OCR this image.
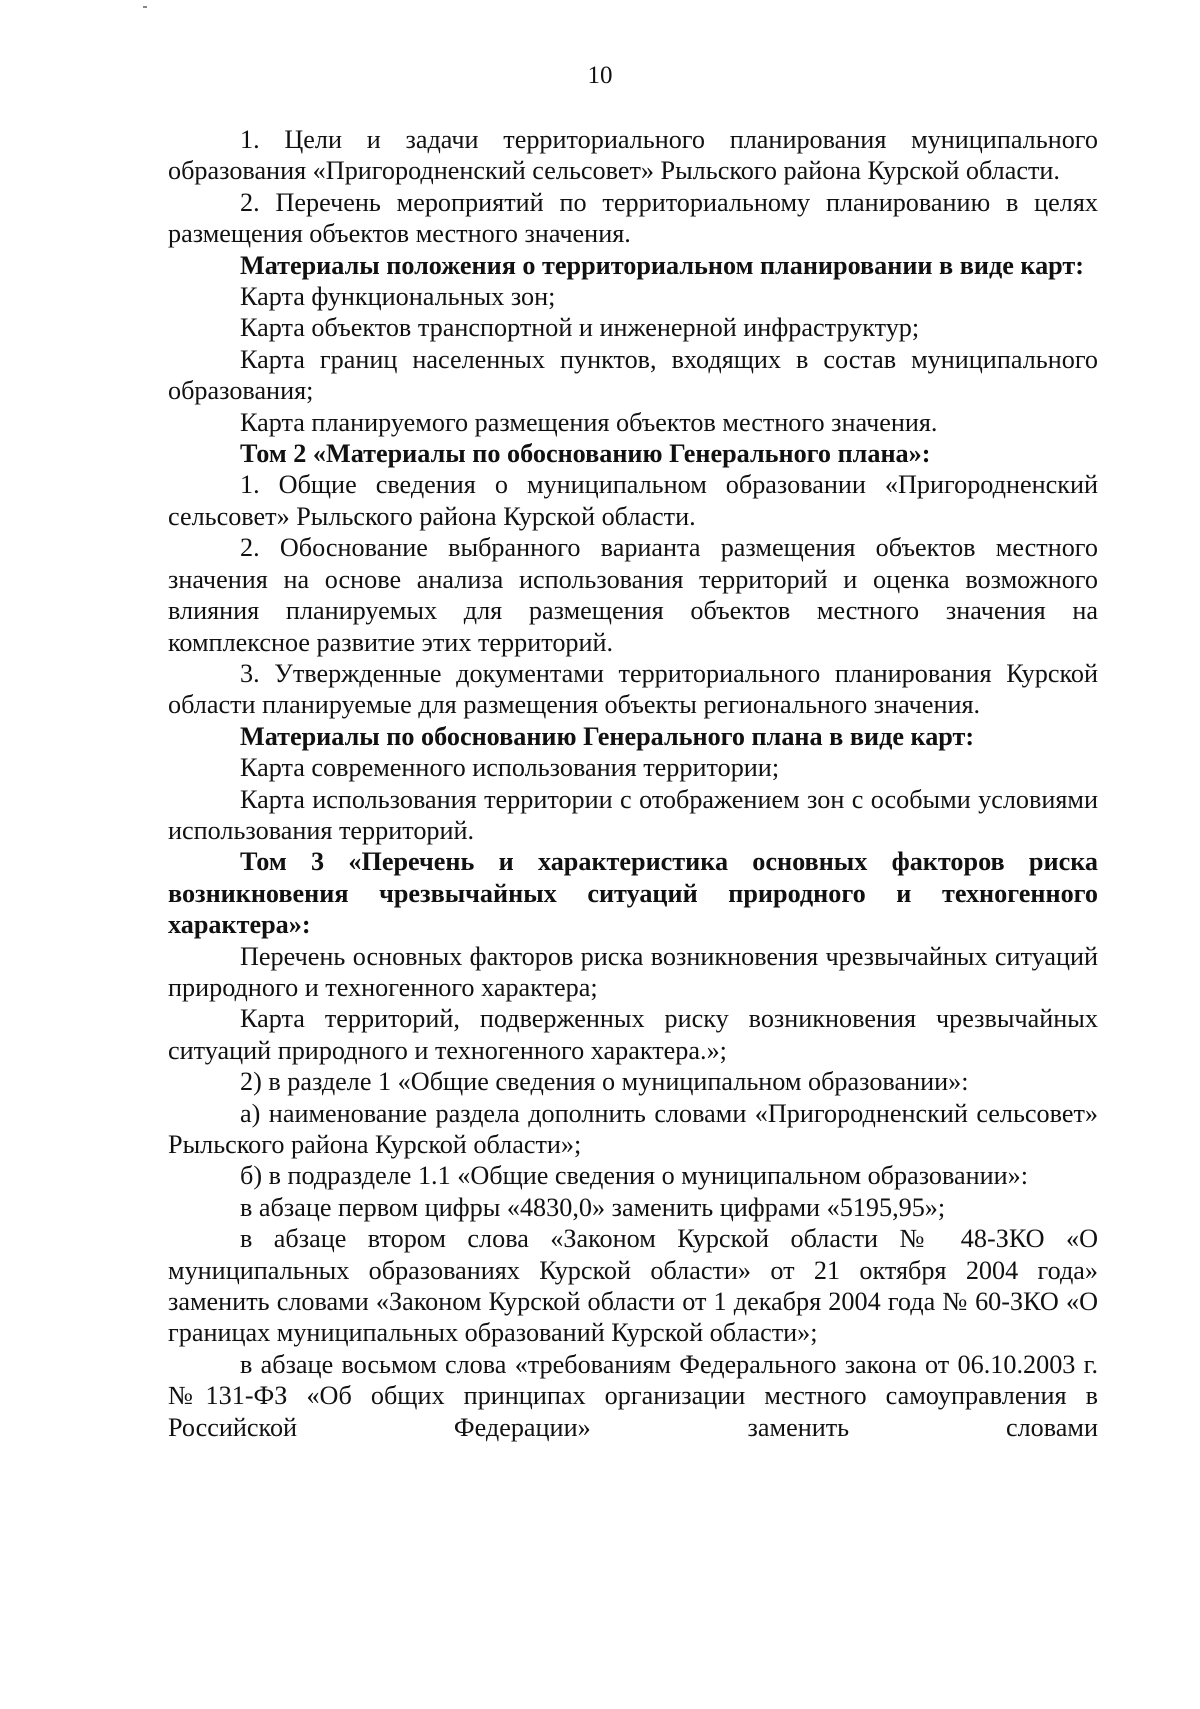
10

1. Цели и задачи территориального планирования муниципального образования «Пригородненский сельсовет» Рыльского района Курской области.

2. Перечень мероприятий по территориальному планированию в целях размещения объектов местного значения.

Материалы положения о территориальном планировании в виде карт:

Карта функциональных зон;

Карта объектов транспортной и инженерной инфраструктур;

Карта границ населенных пунктов, входящих в состав муниципального образования;

Карта планируемого размещения объектов местного значения.

Том 2 «Материалы по обоснованию Генерального плана»:

1. Общие сведения о муниципальном образовании «Пригородненский сельсовет» Рыльского района Курской области.

2. Обоснование выбранного варианта размещения объектов местного значения на основе анализа использования территорий и оценка возможного влияния планируемых для размещения объектов местного значения на комплексное развитие этих территорий.

3. Утвержденные документами территориального планирования Курской области планируемые для размещения объекты регионального значения.

Материалы по обоснованию Генерального плана в виде карт:

Карта современного использования территории;

Карта использования территории с отображением зон с особыми условиями использования территорий.

Том 3 «Перечень и характеристика основных факторов риска возникновения чрезвычайных ситуаций природного и техногенного характера»:

Перечень основных факторов риска возникновения чрезвычайных ситуаций природного и техногенного характера;

Карта территорий, подверженных риску возникновения чрезвычайных ситуаций природного и техногенного характера.»;

2) в разделе 1 «Общие сведения о муниципальном образовании»:

а) наименование раздела дополнить словами «Пригородненский сельсовет» Рыльского района Курской области»;

б) в подразделе 1.1 «Общие сведения о муниципальном образовании»:

в абзаце первом цифры «4830,0» заменить цифрами «5195,95»;

в абзаце втором слова «Законом Курской области № 48-ЗКО «О муниципальных образованиях Курской области» от 21 октября 2004 года» заменить словами «Законом Курской области от 1 декабря 2004 года № 60-ЗКО «О границах муниципальных образований Курской области»;

в абзаце восьмом слова «требованиям Федерального закона от 06.10.2003 г. №131-ФЗ «Об общих принципах организации местного самоуправления в Российской Федерации» заменить словами
